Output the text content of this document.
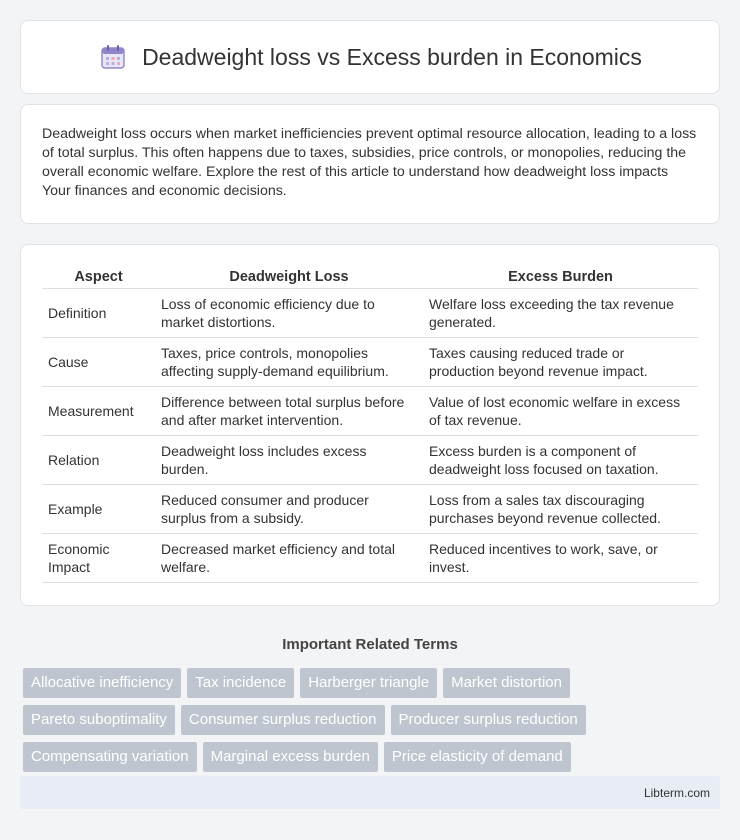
Deadweight loss vs Excess burden in Economics

Deadweight loss occurs when market inefficiencies prevent optimal resource allocation, leading to a loss of total surplus. This often happens due to taxes, subsidies, price controls, or monopolies, reducing the overall economic welfare. Explore the rest of this article to understand how deadweight loss impacts Your finances and economic decisions.

Aspect	Deadweight Loss	Excess Burden
Definition	Loss of economic efficiency due to market distortions.	Welfare loss exceeding the tax revenue generated.
Cause	Taxes, price controls, monopolies affecting supply-demand equilibrium.	Taxes causing reduced trade or production beyond revenue impact.
Measurement	Difference between total surplus before and after market intervention.	Value of lost economic welfare in excess of tax revenue.
Relation	Deadweight loss includes excess burden.	Excess burden is a component of deadweight loss focused on taxation.
Example	Reduced consumer and producer surplus from a subsidy.	Loss from a sales tax discouraging purchases beyond revenue collected.
Economic Impact	Decreased market efficiency and total welfare.	Reduced incentives to work, save, or invest.
Important Related Terms
Allocative inefficiency	Tax incidence	Harberger triangle	Market distortion
Pareto suboptimality	Consumer surplus reduction	Producer surplus reduction
Compensating variation	Marginal excess burden	Price elasticity of demand
Libterm.com
